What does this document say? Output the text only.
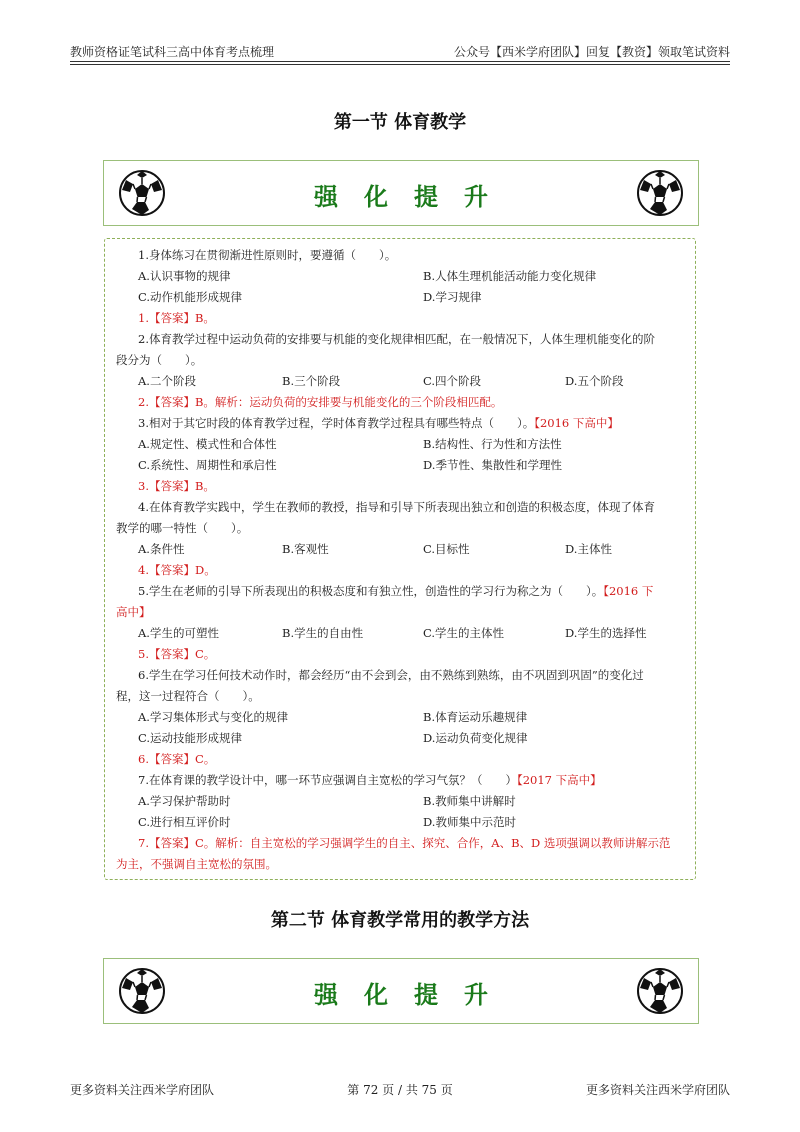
教师资格证笔试科三高中体育考点梳理	公众号【西米学府团队】回复【教资】领取笔试资料
第一节 体育教学
强化提升
1.身体练习在贯彻渐进性原则时，要遵循（　　）。
A.认识事物的规律	B.人体生理机能活动能力变化规律
C.动作机能形成规律	D.学习规律
1.【答案】B。
2.体育教学过程中运动负荷的安排要与机能的变化规律相匹配，在一般情况下，人体生理机能变化的阶
段分为（　　）。
A.二个阶段	B.三个阶段	C.四个阶段	D.五个阶段
2.【答案】B。解析：运动负荷的安排要与机能变化的三个阶段相匹配。
3.相对于其它时段的体育教学过程，学时体育教学过程具有哪些特点（　　）。【2016 下高中】
A.规定性、模式性和合体性	B.结构性、行为性和方法性
C.系统性、周期性和承启性	D.季节性、集散性和学理性
3.【答案】B。
4.在体育教学实践中，学生在教师的教授，指导和引导下所表现出独立和创造的积极态度，体现了体育
教学的哪一特性（　　）。
A.条件性	B.客观性	C.目标性	D.主体性
4.【答案】D。
5.学生在老师的引导下所表现出的积极态度和有独立性，创造性的学习行为称之为（　　）。【2016 下
高中】
A.学生的可塑性	B.学生的自由性	C.学生的主体性	D.学生的选择性
5.【答案】C。
6.学生在学习任何技术动作时，都会经历“由不会到会，由不熟练到熟练，由不巩固到巩固”的变化过
程，这一过程符合（　　）。
A.学习集体形式与变化的规律	B.体育运动乐趣规律
C.运动技能形成规律	D.运动负荷变化规律
6.【答案】C。
7.在体育课的教学设计中，哪一环节应强调自主宽松的学习气氛？（　　）【2017 下高中】
A.学习保护帮助时	B.教师集中讲解时
C.进行相互评价时	D.教师集中示范时
7.【答案】C。解析：自主宽松的学习强调学生的自主、探究、合作，A、B、D 选项强调以教师讲解示范
为主，不强调自主宽松的氛围。
第二节 体育教学常用的教学方法
强化提升
更多资料关注西米学府团队	第 72 页 / 共 75 页	更多资料关注西米学府团队
